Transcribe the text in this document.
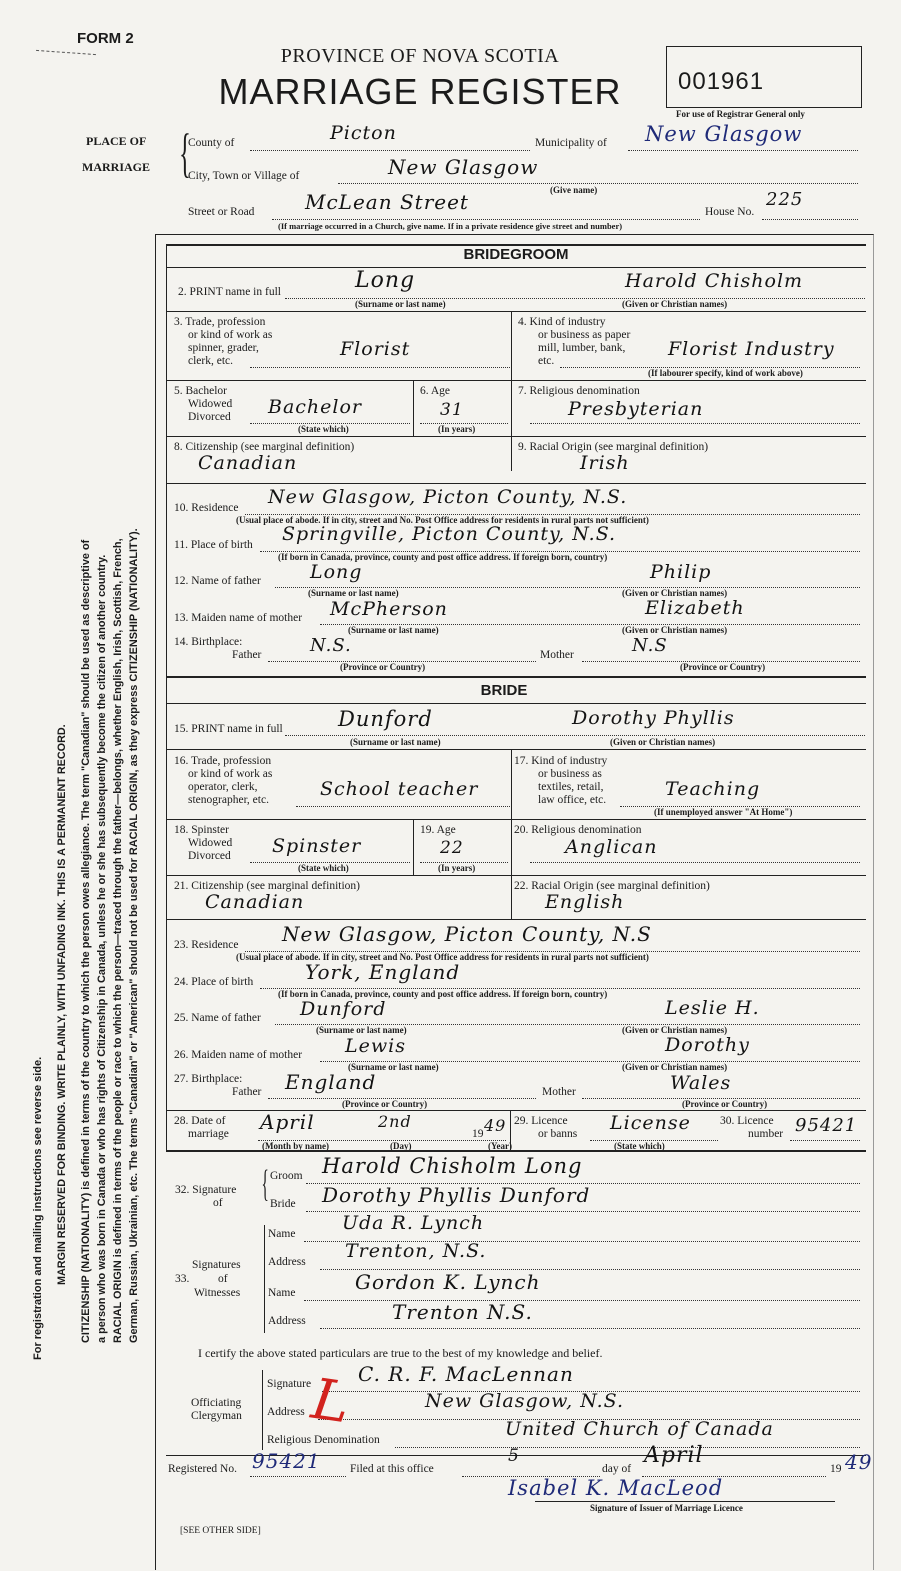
For registration and mailing instructions see reverse side. MARGIN RESERVED FOR BINDING. WRITE PLAINLY, WITH UNFADING INK. THIS IS A PERMANENT RECORD. CITIZENSHIP (NATIONALITY) is defined in terms of the country to which the person owes allegiance. The term "Canadian" should be used as descriptive of a person who was born in Canada or who has rights of Citizenship in Canada, unless he or she has subsequently become the citizen of another country. RACIAL ORIGIN is defined in terms of the people or race to which the person—traced through the father—belongs, whether English, Irish, Scottish, French, German, Russian, Ukrainian, etc. The terms "Canadian" or "American" should not be used for RACIAL ORIGIN, as they express CITIZENSHIP (NATIONALITY).
FORM 2
PROVINCE OF NOVA SCOTIA
MARRIAGE REGISTER 001961
For use of Registrar General only
PLACE OF
MARRIAGE {
County of	Picton	Municipality of New Glasgow
City, Town or Village of	New Glasgow
(Give name)
Street or Road	McLean Street	House No.
225
(If marriage occurred in a Church, give name. If in a private residence give street and number)
BRIDEGROOM
2. PRINT name in full	Long	Harold Chisholm
(Surname or last name)	(Given or Christian names)
3. Trade, profession
or kind of work as
spinner, grader,
clerk, etc.
Florist
4. Kind of industry
or business as paper
mill, lumber, bank,
etc.
Florist Industry
(If labourer specify, kind of work above)
5. Bachelor
Widowed
Divorced Bachelor
(State which)
6. Age
31
(In years)
7. Religious denomination
Presbyterian
8. Citizenship (see marginal definition)
Canadian
9. Racial Origin (see marginal definition)
Irish
10. Residence New Glasgow, Picton County, N.S.
(Usual place of abode. If in city, street and No. Post Office address for residents in rural parts not sufficient)
11. Place of birth Springville, Picton County, N.S.
(If born in Canada, province, county and post office address. If foreign born, country)
12. Name of father	Long	Philip
(Surname or last name)	(Given or Christian names)
13. Maiden name of mother McPherson	Elizabeth
(Surname or last name)	(Given or Christian names)
14. Birthplace:
Father	N.S.	Mother	N.S
(Province or Country)	(Province or Country)
BRIDE
15. PRINT name in full	Dunford	Dorothy Phyllis
(Surname or last name)	(Given or Christian names)
16. Trade, profession
or kind of work as
operator, clerk,
stenographer, etc.	School teacher
17. Kind of industry
or business as
textiles, retail,
law office, etc.	Teaching
(If unemployed answer "At Home")
18. Spinster
Widowed
Divorced Spinster
(State which)
19. Age
22
(In years)
20. Religious denomination
Anglican
21. Citizenship (see marginal definition)
Canadian
22. Racial Origin (see marginal definition)
English
23. Residence New Glasgow, Picton County, N.S
(Usual place of abode. If in city, street and No. Post Office address for residents in rural parts not sufficient)
24. Place of birth	York, England
(If born in Canada, province, county and post office address. If foreign born, country)
25. Name of father Dunford	Leslie H.
(Surname or last name)	(Given or Christian names)
26. Maiden name of mother Lewis	Dorothy
(Surname or last name)	(Given or Christian names)
27. Birthplace:
Father England	Mother	Wales
(Province or Country)	(Province or Country)
28. Date of
marriage April	2nd
19 49
(Month by name)	(Day)	(Year)
29. Licence
or banns License
(State which)
30. Licence
number 95421
32. Signature
of { Groom Harold Chisholm Long
Bride Dorothy Phyllis Dunford
Signatures
33. of
Witnesses
Name Uda R. Lynch
Address Trenton, N.S.
Name	Gordon K. Lynch
Address	Trenton N.S.
I certify the above stated particulars are true to the best of my knowledge and belief.
Officiating
Clergyman
Signature C. R. F. MacLennan
Address	New Glasgow, N.S.
Religious Denomination	United Church of Canada
L
Registered No. 95421	Filed at this office
5
day of
April
19 49
Isabel K. MacLeod
Signature of Issuer of Marriage Licence
[SEE OTHER SIDE]
